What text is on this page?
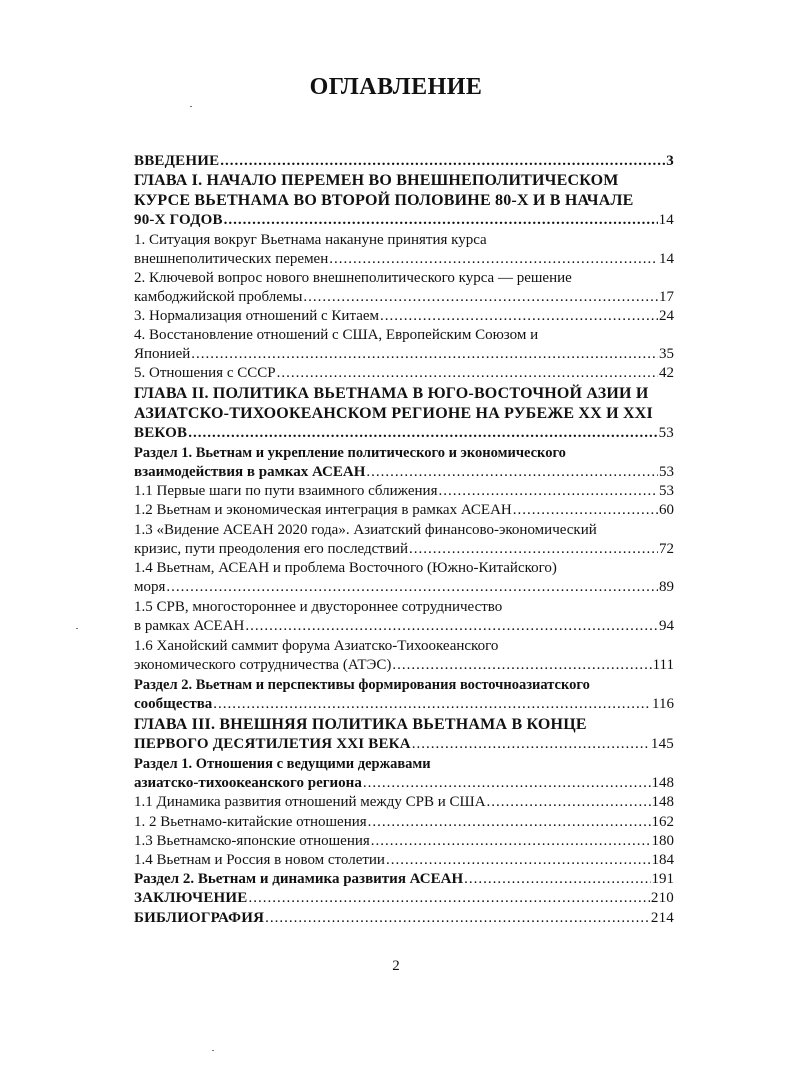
ОГЛАВЛЕНИЕ
ВВЕДЕНИЕ .....	3
ГЛАВА I. НАЧАЛО ПЕРЕМЕН ВО ВНЕШНЕПОЛИТИЧЕСКОМ
КУРСЕ ВЬЕТНАМА ВО ВТОРОЙ ПОЛОВИНЕ 80-Х И В НАЧАЛЕ
90-Х ГОДОВ .....	14
1. Ситуация вокруг Вьетнама накануне принятия курса
внешнеполитических перемен .....	14
2. Ключевой вопрос нового внешнеполитического курса — решение
камбоджийской проблемы .....	17
3. Нормализация отношений с Китаем .....	24
4. Восстановление отношений с США, Европейским Союзом и
Японией .....	35
5. Отношения с СССР .....	42
ГЛАВА II. ПОЛИТИКА ВЬЕТНАМА В ЮГО-ВОСТОЧНОЙ АЗИИ И
АЗИАТСКО-ТИХООКЕАНСКОМ РЕГИОНЕ НА РУБЕЖЕ XX И XXI
ВЕКОВ .....	53
Раздел 1. Вьетнам и укрепление политического и экономического
взаимодействия в рамках АСЕАН .....	53
1.1 Первые шаги по пути взаимного сближения .....	53
1.2 Вьетнам и экономическая интеграция в рамках АСЕАН .....	60
1.3 «Видение АСЕАН 2020 года». Азиатский финансово-экономический
кризис, пути преодоления его последствий .....	72
1.4 Вьетнам, АСЕАН и проблема Восточного (Южно-Китайского)
моря .....	89
1.5 СРВ, многостороннее и двустороннее сотрудничество
в рамках АСЕАН .....	94
1.6 Ханойский саммит форума Азиатско-Тихоокеанского
экономического сотрудничества (АТЭС) .....	111
Раздел 2. Вьетнам и перспективы формирования восточноазиатского
сообщества .....	116
ГЛАВА III. ВНЕШНЯЯ ПОЛИТИКА ВЬЕТНАМА В КОНЦЕ
ПЕРВОГО ДЕСЯТИЛЕТИЯ XXI ВЕКА .....	145
Раздел 1. Отношения с ведущими державами
азиатско-тихоокеанского региона .....	148
1.1 Динамика развития отношений между СРВ и США .....	148
1. 2 Вьетнамо-китайские отношения .....	162
1.3 Вьетнамско-японские отношения .....	180
1.4 Вьетнам и Россия в новом столетии .....	184
Раздел 2. Вьетнам и динамика развития АСЕАН .....	191
ЗАКЛЮЧЕНИЕ .....	210
БИБЛИОГРАФИЯ .....	214
2
